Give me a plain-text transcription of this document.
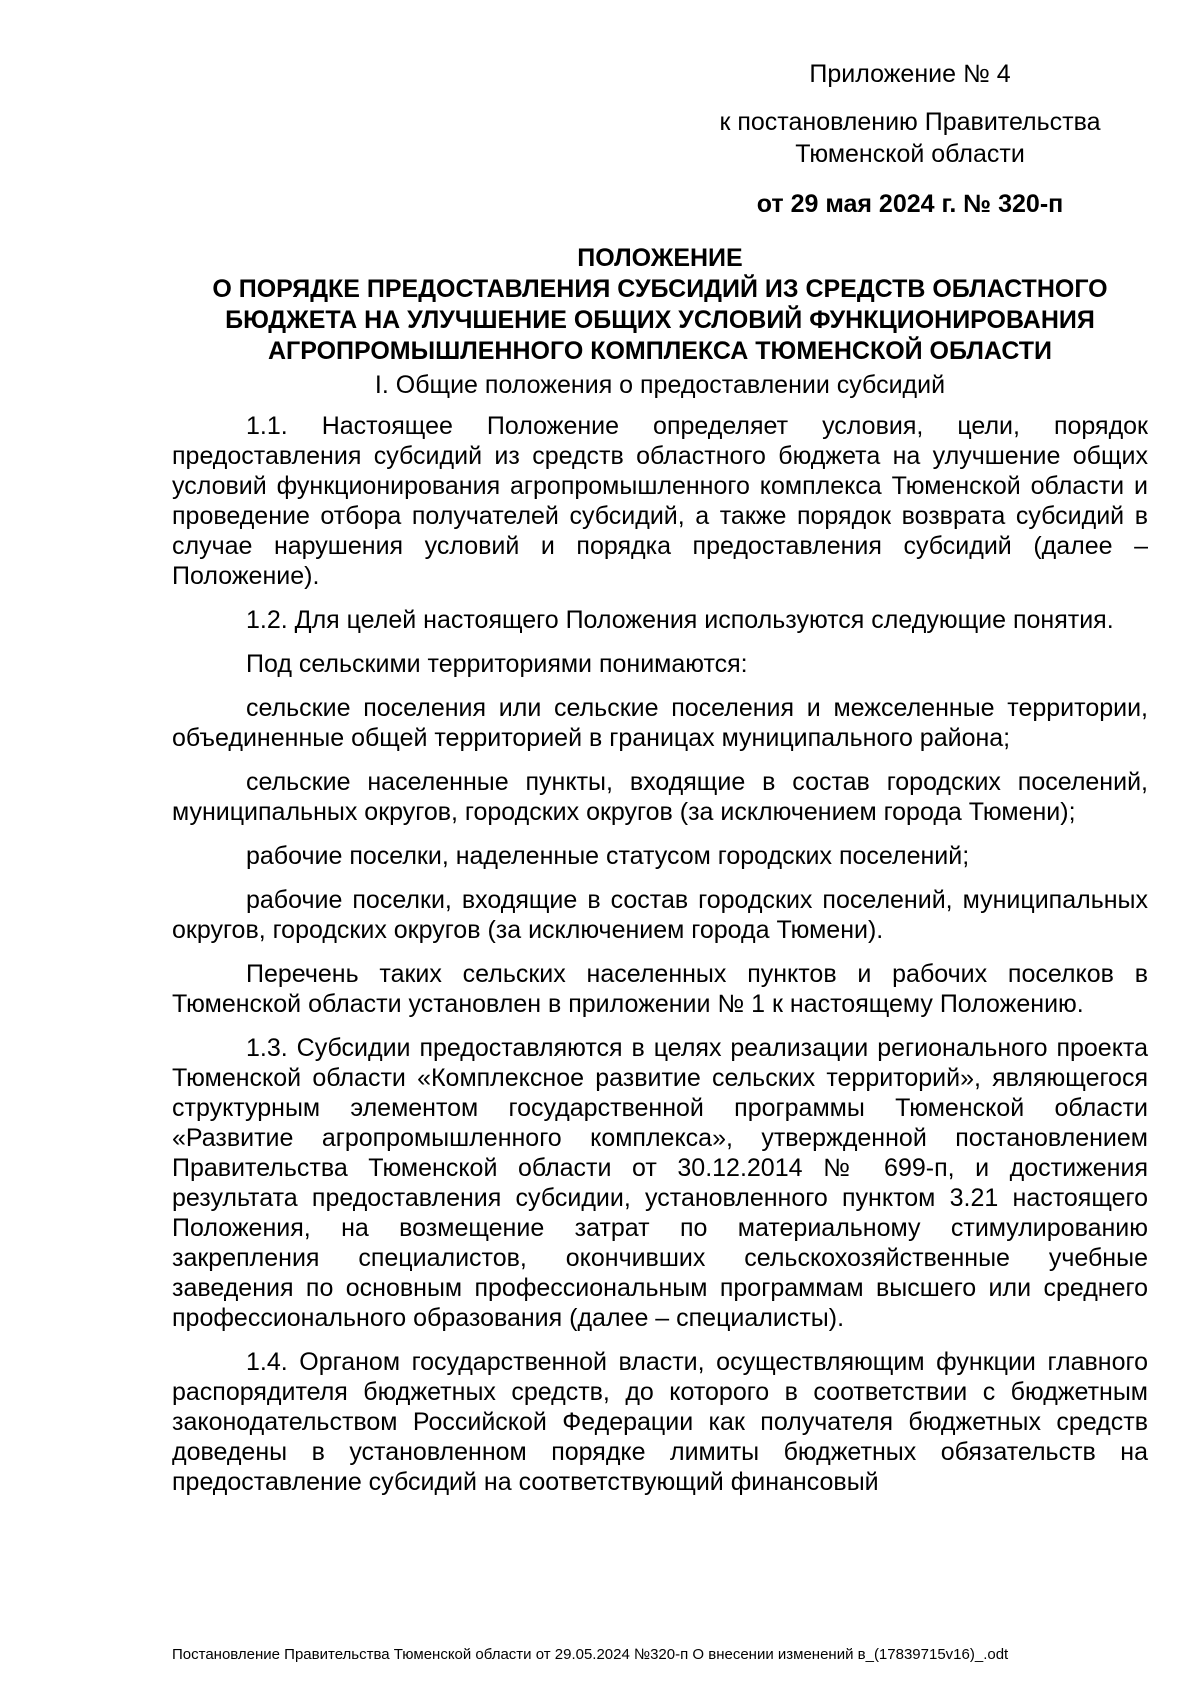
Приложение № 4
к постановлению Правительства
Тюменской области
от 29 мая 2024 г. № 320-п
ПОЛОЖЕНИЕ
О ПОРЯДКЕ ПРЕДОСТАВЛЕНИЯ СУБСИДИЙ ИЗ СРЕДСТВ ОБЛАСТНОГО
БЮДЖЕТА НА УЛУЧШЕНИЕ ОБЩИХ УСЛОВИЙ ФУНКЦИОНИРОВАНИЯ
АГРОПРОМЫШЛЕННОГО КОМПЛЕКСА ТЮМЕНСКОЙ ОБЛАСТИ

I. Общие положения о предоставлении субсидий

1.1. Настоящее Положение определяет условия, цели, порядок предоставления субсидий из средств областного бюджета на улучшение общих условий функционирования агропромышленного комплекса Тюменской области и проведение отбора получателей субсидий, а также порядок возврата субсидий в случае нарушения условий и порядка предоставления субсидий (далее – Положение).

1.2. Для целей настоящего Положения используются следующие понятия.

Под сельскими территориями понимаются:

сельские поселения или сельские поселения и межселенные территории, объединенные общей территорией в границах муниципального района;

сельские населенные пункты, входящие в состав городских поселений, муниципальных округов, городских округов (за исключением города Тюмени);

рабочие поселки, наделенные статусом городских поселений;

рабочие поселки, входящие в состав городских поселений, муниципальных округов, городских округов (за исключением города Тюмени).

Перечень таких сельских населенных пунктов и рабочих поселков в Тюменской области установлен в приложении № 1 к настоящему Положению.

1.3. Субсидии предоставляются в целях реализации регионального проекта Тюменской области «Комплексное развитие сельских территорий», являющегося структурным элементом государственной программы Тюменской области «Развитие агропромышленного комплекса», утвержденной постановлением Правительства Тюменской области от 30.12.2014 № 699-п, и достижения результата предоставления субсидии, установленного пунктом 3.21 настоящего Положения, на возмещение затрат по материальному стимулированию закрепления специалистов, окончивших сельскохозяйственные учебные заведения по основным профессиональным программам высшего или среднего профессионального образования (далее – специалисты).

1.4. Органом государственной власти, осуществляющим функции главного распорядителя бюджетных средств, до которого в соответствии с бюджетным законодательством Российской Федерации как получателя бюджетных средств доведены в установленном порядке лимиты бюджетных обязательств на предоставление субсидий на соответствующий финансовый

Постановление Правительства Тюменской области от 29.05.2024 №320-п О внесении изменений в_(17839715v16)_.odt
